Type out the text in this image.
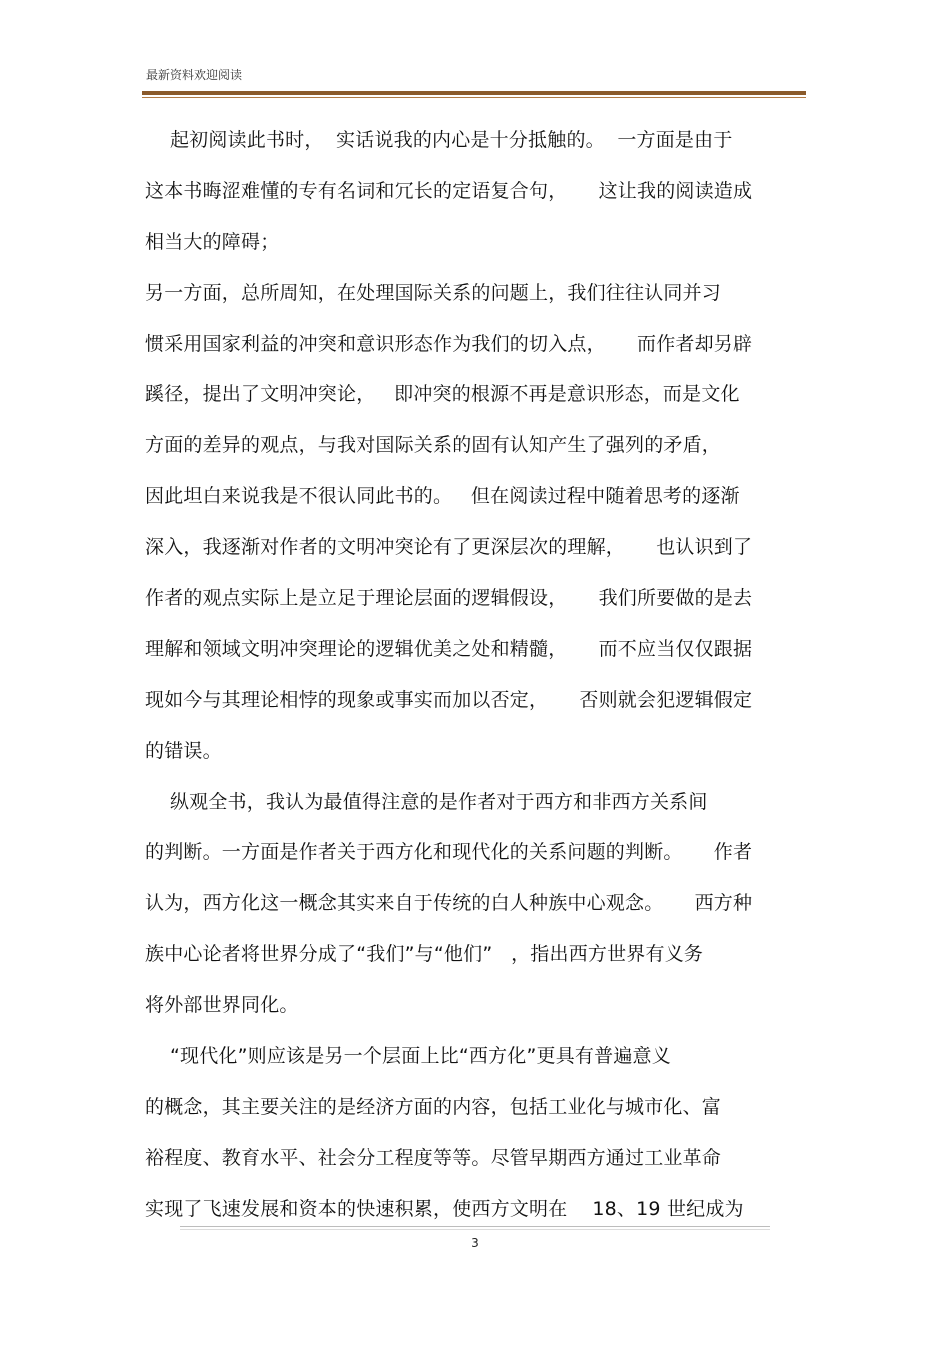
最新资料欢迎阅读
起初阅读此书时，  实话说我的内心是十分抵触的。  一方面是由于
这本书晦涩难懂的专有名词和冗长的定语复合句，     这让我的阅读造成
相当大的障碍；
另一方面，总所周知，在处理国际关系的问题上，我们往往认同并习
惯采用国家利益的冲突和意识形态作为我们的切入点，     而作者却另辟
蹊径，提出了文明冲突论，   即冲突的根源不再是意识形态，而是文化
方面的差异的观点，与我对国际关系的固有认知产生了强列的矛盾，
因此坦白来说我是不很认同此书的。   但在阅读过程中随着思考的逐渐
深入，我逐渐对作者的文明冲突论有了更深层次的理解，     也认识到了
作者的观点实际上是立足于理论层面的逻辑假设，     我们所要做的是去
理解和领域文明冲突理论的逻辑优美之处和精髓，     而不应当仅仅跟据
现如今与其理论相悖的现象或事实而加以否定，     否则就会犯逻辑假定
的错误。
纵观全书，我认为最值得注意的是作者对于西方和非西方关系间
的判断。一方面是作者关于西方化和现代化的关系问题的判断。     作者
认为，西方化这一概念其实来自于传统的白人种族中心观念。     西方种
族中心论者将世界分成了“我们”与“他们”   ，指出西方世界有义务
将外部世界同化。
“现代化”则应该是另一个层面上比“西方化”更具有普遍意义
的概念，其主要关注的是经济方面的内容，包括工业化与城市化、富
裕程度、教育水平、社会分工程度等等。尽管早期西方通过工业革命
实现了飞速发展和资本的快速积累，使西方文明在    18、19 世纪成为
3
